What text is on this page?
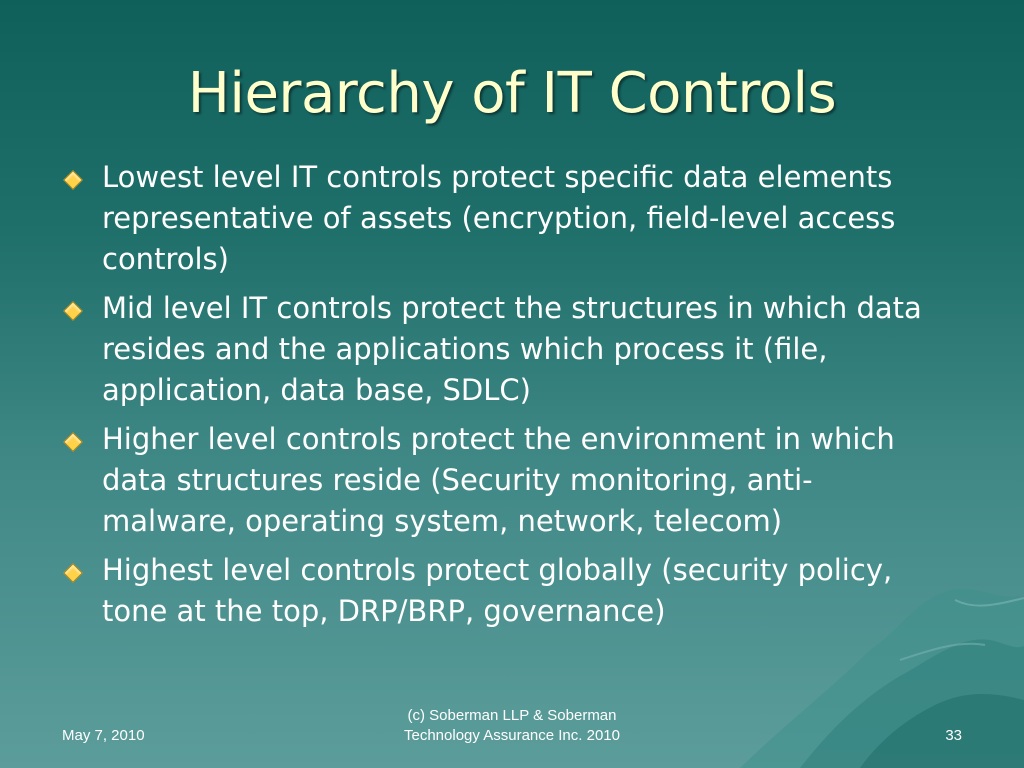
Hierarchy of IT Controls
Lowest level IT controls protect specific data elements representative of assets (encryption, field-level access controls)
Mid level IT controls protect the structures in which data resides and the applications which process it (file, application, data base, SDLC)
Higher level controls protect the environment in which data structures reside (Security monitoring, anti-malware, operating system, network, telecom)
Highest level controls protect globally (security policy, tone at the top, DRP/BRP, governance)
May 7, 2010
(c) Soberman LLP & Soberman
Technology Assurance Inc. 2010	33
